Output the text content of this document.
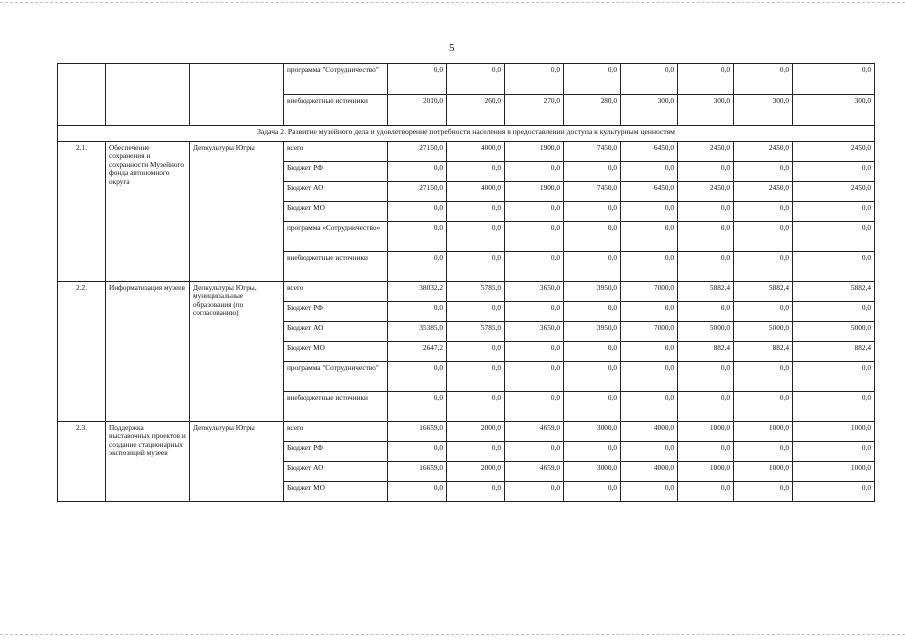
5
			программа "Сотрудничество"	0,0	0,0	0,0	0,0	0,0	0,0	0,0	0,0
			внебюджетные источники	2010,0	260,0	270,0	280,0	300,0	300,0	300,0	300,0
Задача 2. Развитие музейного дела и удовлетворение потребности населения в предоставлении доступа к культурным ценностям											
2.1.	Обеспечение сохранения и сохранности Музейного фонда автономного округа	Депкультуры Югры	всего	27150,0	4000,0	1900,0	7450,0	6450,0	2450,0	2450,0	2450,0
			Бюджет РФ	0,0	0,0	0,0	0,0	0,0	0,0	0,0	0,0
			Бюджет АО	27150,0	4000,0	1900,0	7450,0	6450,0	2450,0	2450,0	2450,0
			Бюджет МО	0,0	0,0	0,0	0,0	0,0	0,0	0,0	0,0
			программа «Сотрудничество»	0,0	0,0	0,0	0,0	0,0	0,0	0,0	0,0
			внебюджетные источники	0,0	0,0	0,0	0,0	0,0	0,0	0,0	0,0
2.2.	Информатизация музеев	Депкультуры Югры, муниципальные образования (по согласованию)	всего	38032,2	5785,0	3650,0	3950,0	7000,0	5882,4	5882,4	5882,4
			Бюджет РФ	0,0	0,0	0,0	0,0	0,0	0,0	0,0	0,0
			Бюджет АО	35385,0	5785,0	3650,0	3950,0	7000,0	5000,0	5000,0	5000,0
			Бюджет МО	2647,2	0,0	0,0	0,0	0,0	882,4	882,4	882,4
			программа "Сотрудничество"	0,0	0,0	0,0	0,0	0,0	0,0	0,0	0,0
			внебюджетные источники	0,0	0,0	0,0	0,0	0,0	0,0	0,0	0,0
2.3.	Поддержка выставочных проектов и создание стационарных экспозиций музеев	Депкультуры Югры	всего	16659,0	2000,0	4659,0	3000,0	4000,0	1000,0	1000,0	1000,0
			Бюджет РФ	0,0	0,0	0,0	0,0	0,0	0,0	0,0	0,0
			Бюджет АО	16659,0	2000,0	4659,0	3000,0	4000,0	1000,0	1000,0	1000,0
			Бюджет МО	0,0	0,0	0,0	0,0	0,0	0,0	0,0	0,0
